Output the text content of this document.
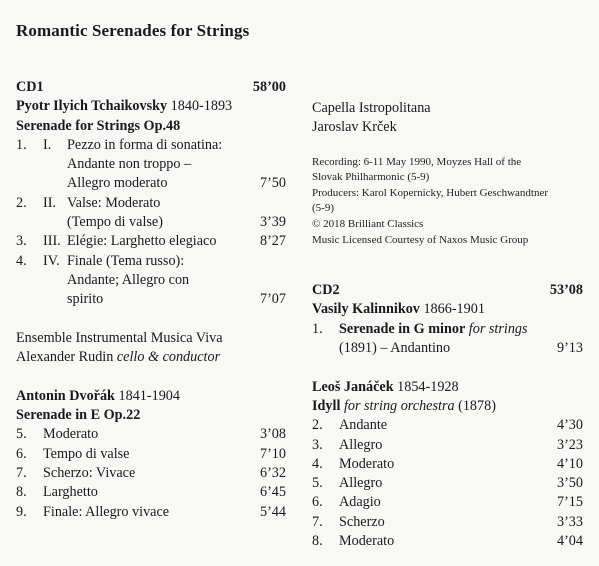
Romantic Serenades for Strings
CD1	58’00
Pyotr Ilyich Tchaikovsky 1840-1893
Serenade for Strings Op.48
1.	I.	Pezzo in forma di sonatina:
Andante non troppo –
Allegro moderato	7’50
2.	II. Valse: Moderato
(Tempo di valse)	3’39
3.	III. Elégie: Larghetto elegiaco	8’27
4.	IV. Finale (Tema russo):
Andante; Allegro con
spirito	7’07
Ensemble Instrumental Musica Viva
Alexander Rudin cello & conductor
Antonin Dvořák 1841-1904
Serenade in E Op.22
5.	Moderato	3’08
6.	Tempo di valse	7’10
7.	Scherzo: Vivace	6’32
8.	Larghetto	6’45
9.	Finale: Allegro vivace	5’44
Capella Istropolitana
Jaroslav Krček
Recording: 6-11 May 1990, Moyzes Hall of the
Slovak Philharmonic (5-9)
Producers: Karol Kopernicky, Hubert Geschwandtner
(5-9)
© 2018 Brilliant Classics
Music Licensed Courtesy of Naxos Music Group
CD2	53’08
Vasily Kalinnikov 1866-1901
1.	Serenade in G minor for strings
(1891) – Andantino	9’13
Leoš Janáček 1854-1928
Idyll for string orchestra (1878)
2.	Andante	4’30
3.	Allegro	3’23
4.	Moderato	4’10
5.	Allegro	3’50
6.	Adagio	7’15
7.	Scherzo	3’33
8.	Moderato	4’04
